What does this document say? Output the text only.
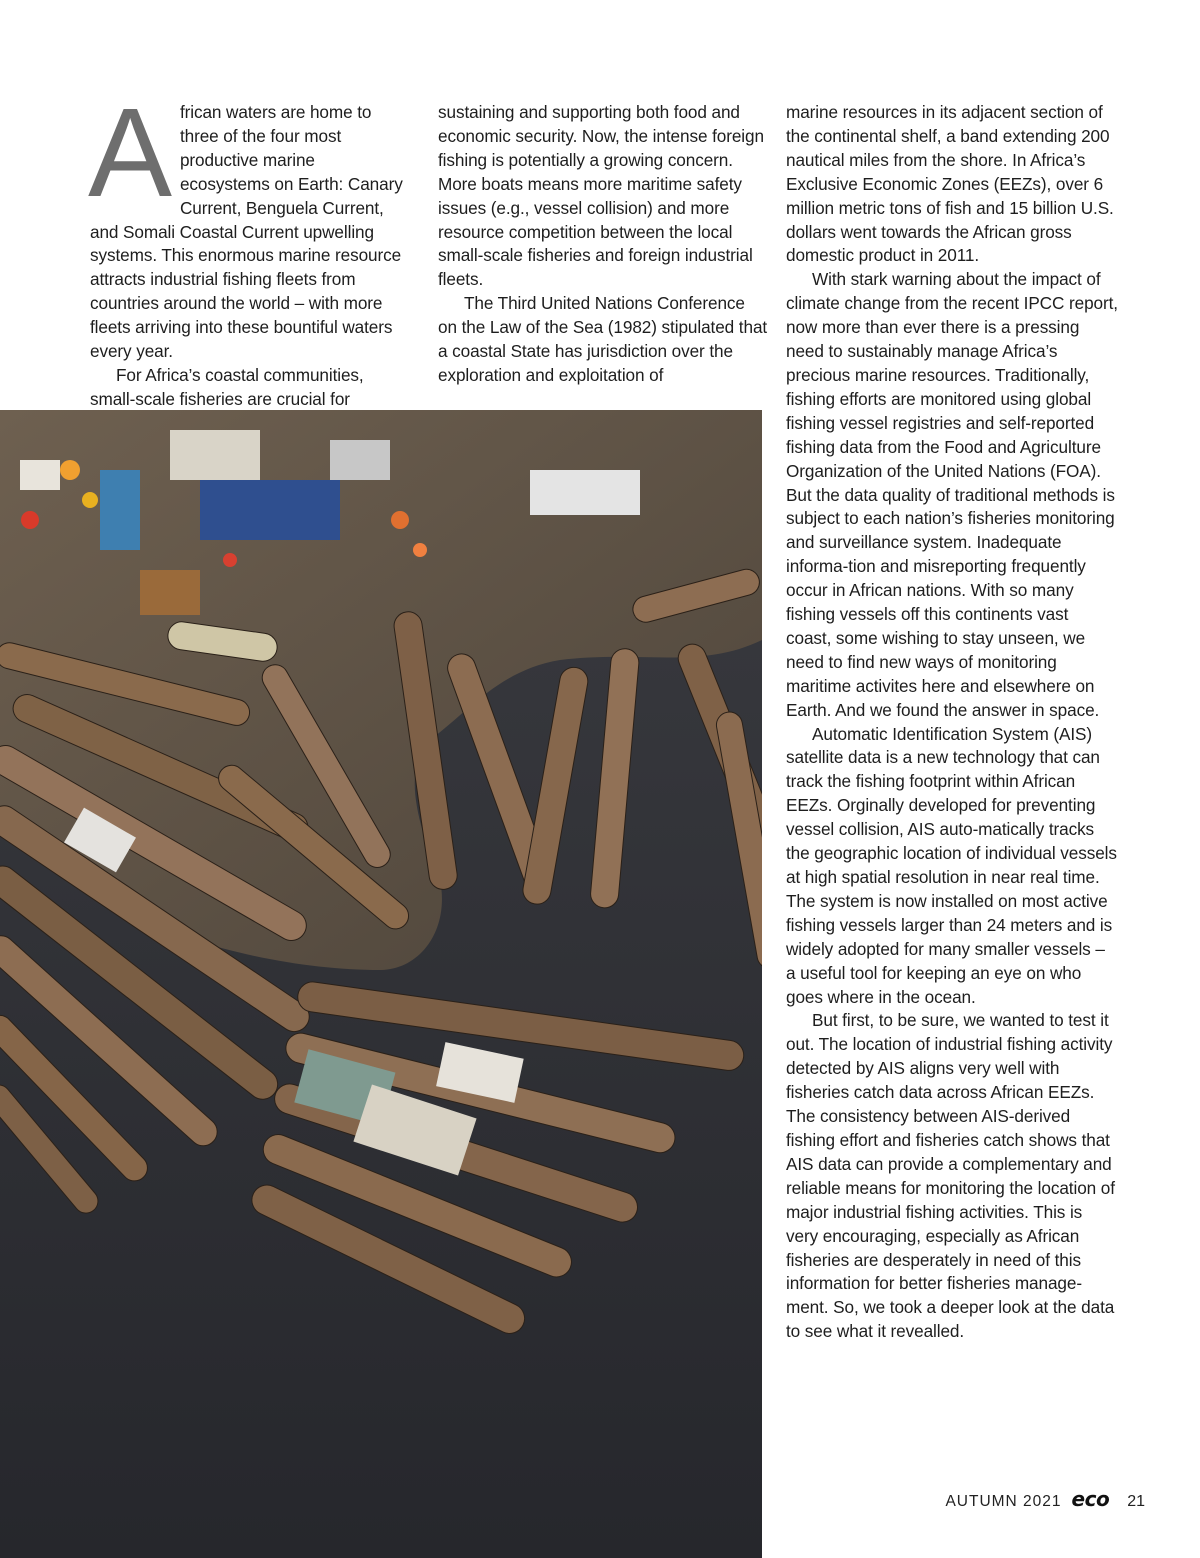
African waters are home to three of the four most productive marine ecosystems on Earth: Canary Current, Benguela Current, and Somali Coastal Current upwelling systems. This enormous marine resource attracts industrial fishing fleets from countries around the world – with more fleets arriving into these bountiful waters every year.

For Africa’s coastal communities, small-scale fisheries are crucial for

sustaining and supporting both food and economic security. Now, the intense foreign fishing is potentially a growing concern. More boats means more maritime safety issues (e.g., vessel collision) and more resource competition between the local small-scale fisheries and foreign industrial fleets.

The Third United Nations Conference on the Law of the Sea (1982) stipulated that a coastal State has jurisdiction over the exploration and exploitation of

marine resources in its adjacent section of the continental shelf, a band extending 200 nautical miles from the shore. In Africa’s Exclusive Economic Zones (EEZs), over 6 million metric tons of fish and 15 billion U.S. dollars went towards the African gross domestic product in 2011.

With stark warning about the impact of climate change from the recent IPCC report, now more than ever there is a pressing need to sustainably manage Africa’s precious marine resources. Traditionally, fishing efforts are monitored using global fishing vessel registries and self-reported fishing data from the Food and Agriculture Organization of the United Nations (FOA). But the data quality of traditional methods is subject to each nation’s fisheries monitoring and surveillance system. Inadequate informa-tion and misreporting frequently occur in African nations. With so many fishing vessels off this continents vast coast, some wishing to stay unseen, we need to find new ways of monitoring maritime activites here and elsewhere on Earth. And we found the answer in space.

Automatic Identification System (AIS) satellite data is a new technology that can track the fishing footprint within African EEZs. Orginally developed for preventing vessel collision, AIS auto-matically tracks the geographic location of individual vessels at high spatial resolution in near real time. The system is now installed on most active fishing vessels larger than 24 meters and is widely adopted for many smaller vessels – a useful tool for keeping an eye on who goes where in the ocean.

But first, to be sure, we wanted to test it out. The location of industrial fishing activity detected by AIS aligns very well with fisheries catch data across African EEZs. The consistency between AIS-derived fishing effort and fisheries catch shows that AIS data can provide a complementary and reliable means for monitoring the location of major industrial fishing activities. This is very encouraging, especially as African fisheries are desperately in need of this information for better fisheries manage-ment. So, we took a deeper look at the data to see what it revealled.

AUTUMN 2021 eco 21
